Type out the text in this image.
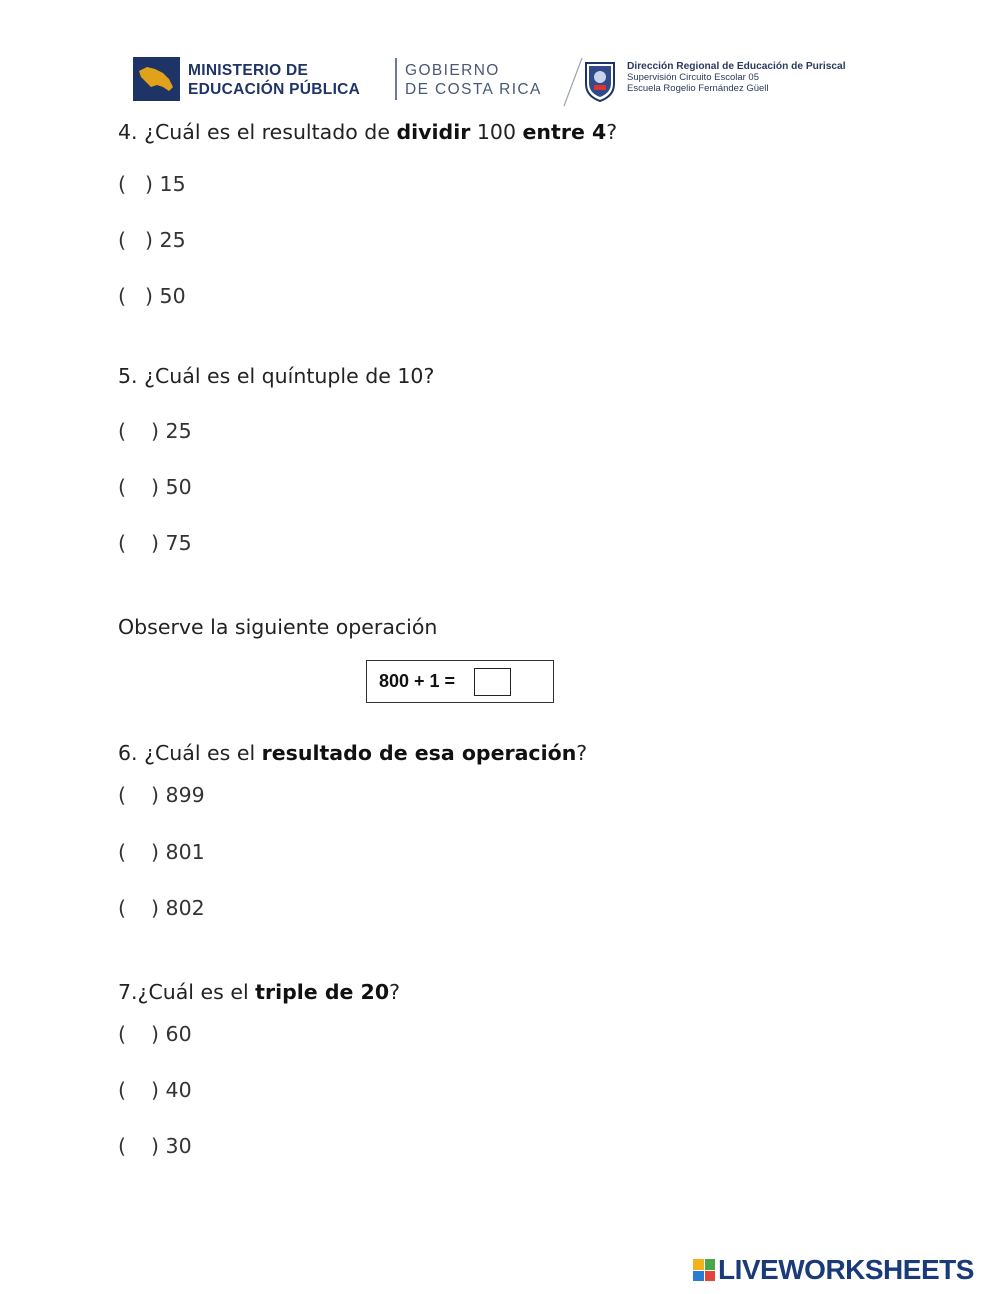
MINISTERIO DE
EDUCACIÓN PÚBLICA
GOBIERNO
DE COSTA RICA
Dirección Regional de Educación de Puriscal
Supervisión Circuito Escolar 05
Escuela Rogelio Fernández Güell
4. ¿Cuál es el resultado de dividir 100 entre 4?
( ) 15
( ) 25
( ) 50
5. ¿Cuál es el quíntuple de 10?
( ) 25
( ) 50
( ) 75
Observe la siguiente operación
800 + 1 =
6. ¿Cuál es el resultado de esa operación?
( ) 899
( ) 801
( ) 802
7.¿Cuál es el triple de 20?
( ) 60
( ) 40
( ) 30
LIVEWORKSHEETS
